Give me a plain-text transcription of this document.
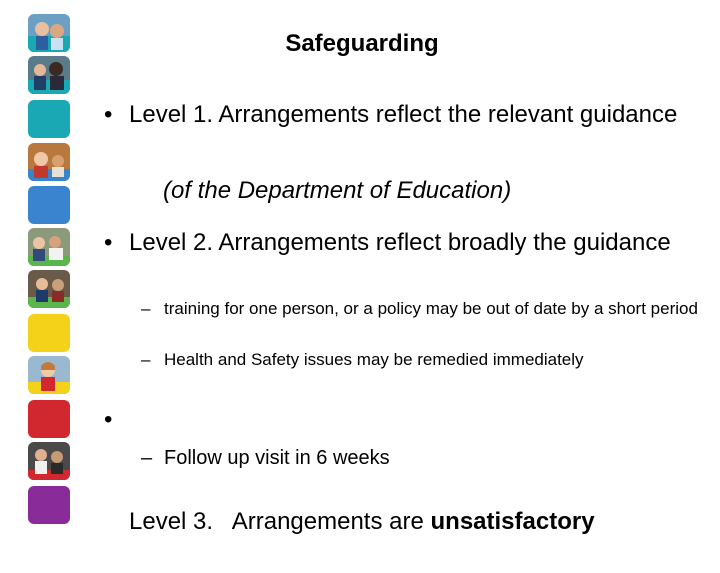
Safeguarding
• Level 1. Arrangements reflect the relevant guidance
(of the Department of Education)
• Level 2. Arrangements reflect broadly the guidance
– training for one person, or a policy may be out of date by a short period
– Health and Safety issues may be remedied immediately

•

Level 3.   Arrangements are unsatisfactory

– Follow up visit in 6 weeks
